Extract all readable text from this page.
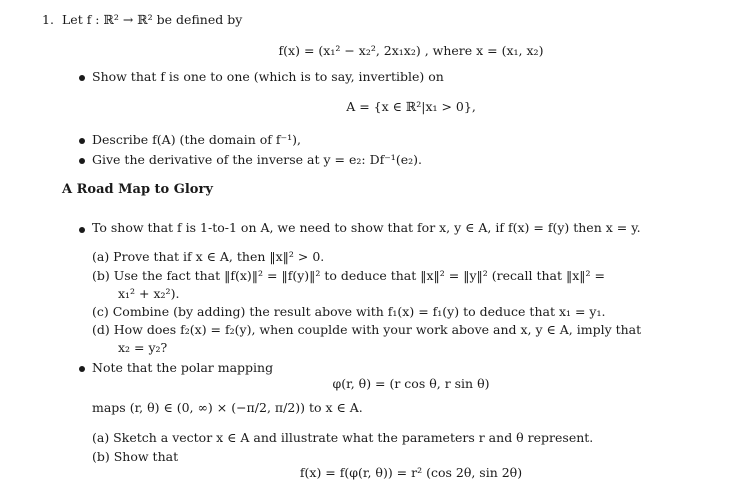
1. Let f : ℝ² → ℝ² be defined by
f(x) = (x₁² − x₂², 2x₁x₂) , where x = (x₁, x₂)
Show that f is one to one (which is to say, invertible) on
A = {x ∈ ℝ²|x₁ > 0},
Describe f(A) (the domain of f⁻¹),
Give the derivative of the inverse at y = e₂: Df⁻¹(e₂).
A Road Map to Glory
To show that f is 1-to-1 on A, we need to show that for x, y ∈ A, if f(x) = f(y) then x = y.
(a) Prove that if x ∈ A, then ‖x‖² > 0.
(b) Use the fact that ‖f(x)‖² = ‖f(y)‖² to deduce that ‖x‖² = ‖y‖² (recall that ‖x‖² =
x₁² + x₂²).
(c) Combine (by adding) the result above with f₁(x) = f₁(y) to deduce that x₁ = y₁.
(d) How does f₂(x) = f₂(y), when couplde with your work above and x, y ∈ A, imply that
x₂ = y₂?
Note that the polar mapping
φ(r, θ) = (r cos θ, r sin θ)
maps (r, θ) ∈ (0, ∞) × (−π/2, π/2)) to x ∈ A.
(a) Sketch a vector x ∈ A and illustrate what the parameters r and θ represent.
(b) Show that
f(x) = f(φ(r, θ)) = r² (cos 2θ, sin 2θ)
